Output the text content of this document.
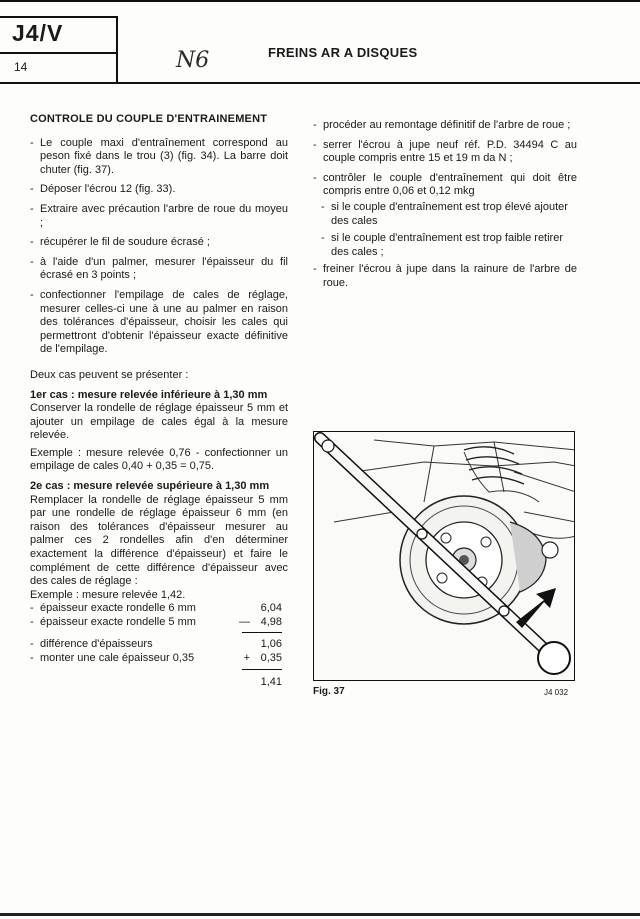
J4/V
14	N6	FREINS AR A DISQUES
CONTROLE DU COUPLE D'ENTRAINEMENT
- Le couple maxi d'entraînement correspond au peson fixé dans le trou (3) (fig. 34). La barre doit chuter (fig. 37).
- Déposer l'écrou 12 (fig. 33).
- Extraire avec précaution l'arbre de roue du moyeu ;
- récupérer le fil de soudure écrasé ;
- à l'aide d'un palmer, mesurer l'épaisseur du fil écrasé en 3 points ;
- confectionner l'empilage de cales de réglage, mesurer celles-ci une à une au palmer en raison des tolérances d'épaisseur, choisir les cales qui permettront d'obtenir l'épaisseur exacte définitive de l'empilage.
Deux cas peuvent se présenter :
1er cas : mesure relevée inférieure à 1,30 mm
Conserver la rondelle de réglage épaisseur 5 mm et ajouter un empilage de cales égal à la mesure relevée.
Exemple : mesure relevée 0,76 - confectionner un empilage de cales 0,40 + 0,35 = 0,75.
2e cas : mesure relevée supérieure à 1,30 mm
Remplacer la rondelle de réglage épaisseur 5 mm par une rondelle de réglage épaisseur 6 mm (en raison des tolérances d'épaisseur mesurer au palmer ces 2 rondelles afin d'en déterminer exactement la différence d'épaisseur) et faire le complément de cette différence d'épaisseur avec des cales de réglage :
Exemple : mesure relevée 1,42.
- épaisseur exacte rondelle 6 mm	6,04
- épaisseur exacte rondelle 5 mm	— 4,98
- différence d'épaisseurs	1,06
- monter une cale épaisseur 0,35	+ 0,35
1,41
- procéder au remontage définitif de l'arbre de roue ;
- serrer l'écrou à jupe neuf réf. P.D. 34494 C au couple compris entre 15 et 19 m da N ;
- contrôler le couple d'entraînement qui doit être compris entre 0,06 et 0,12 mkg
- si le couple d'entraînement est trop élevé ajouter des cales
- si le couple d'entraînement est trop faible retirer des cales ;
- freiner l'écrou à jupe dans la rainure de l'arbre de roue.
Fig. 37	J4 032
